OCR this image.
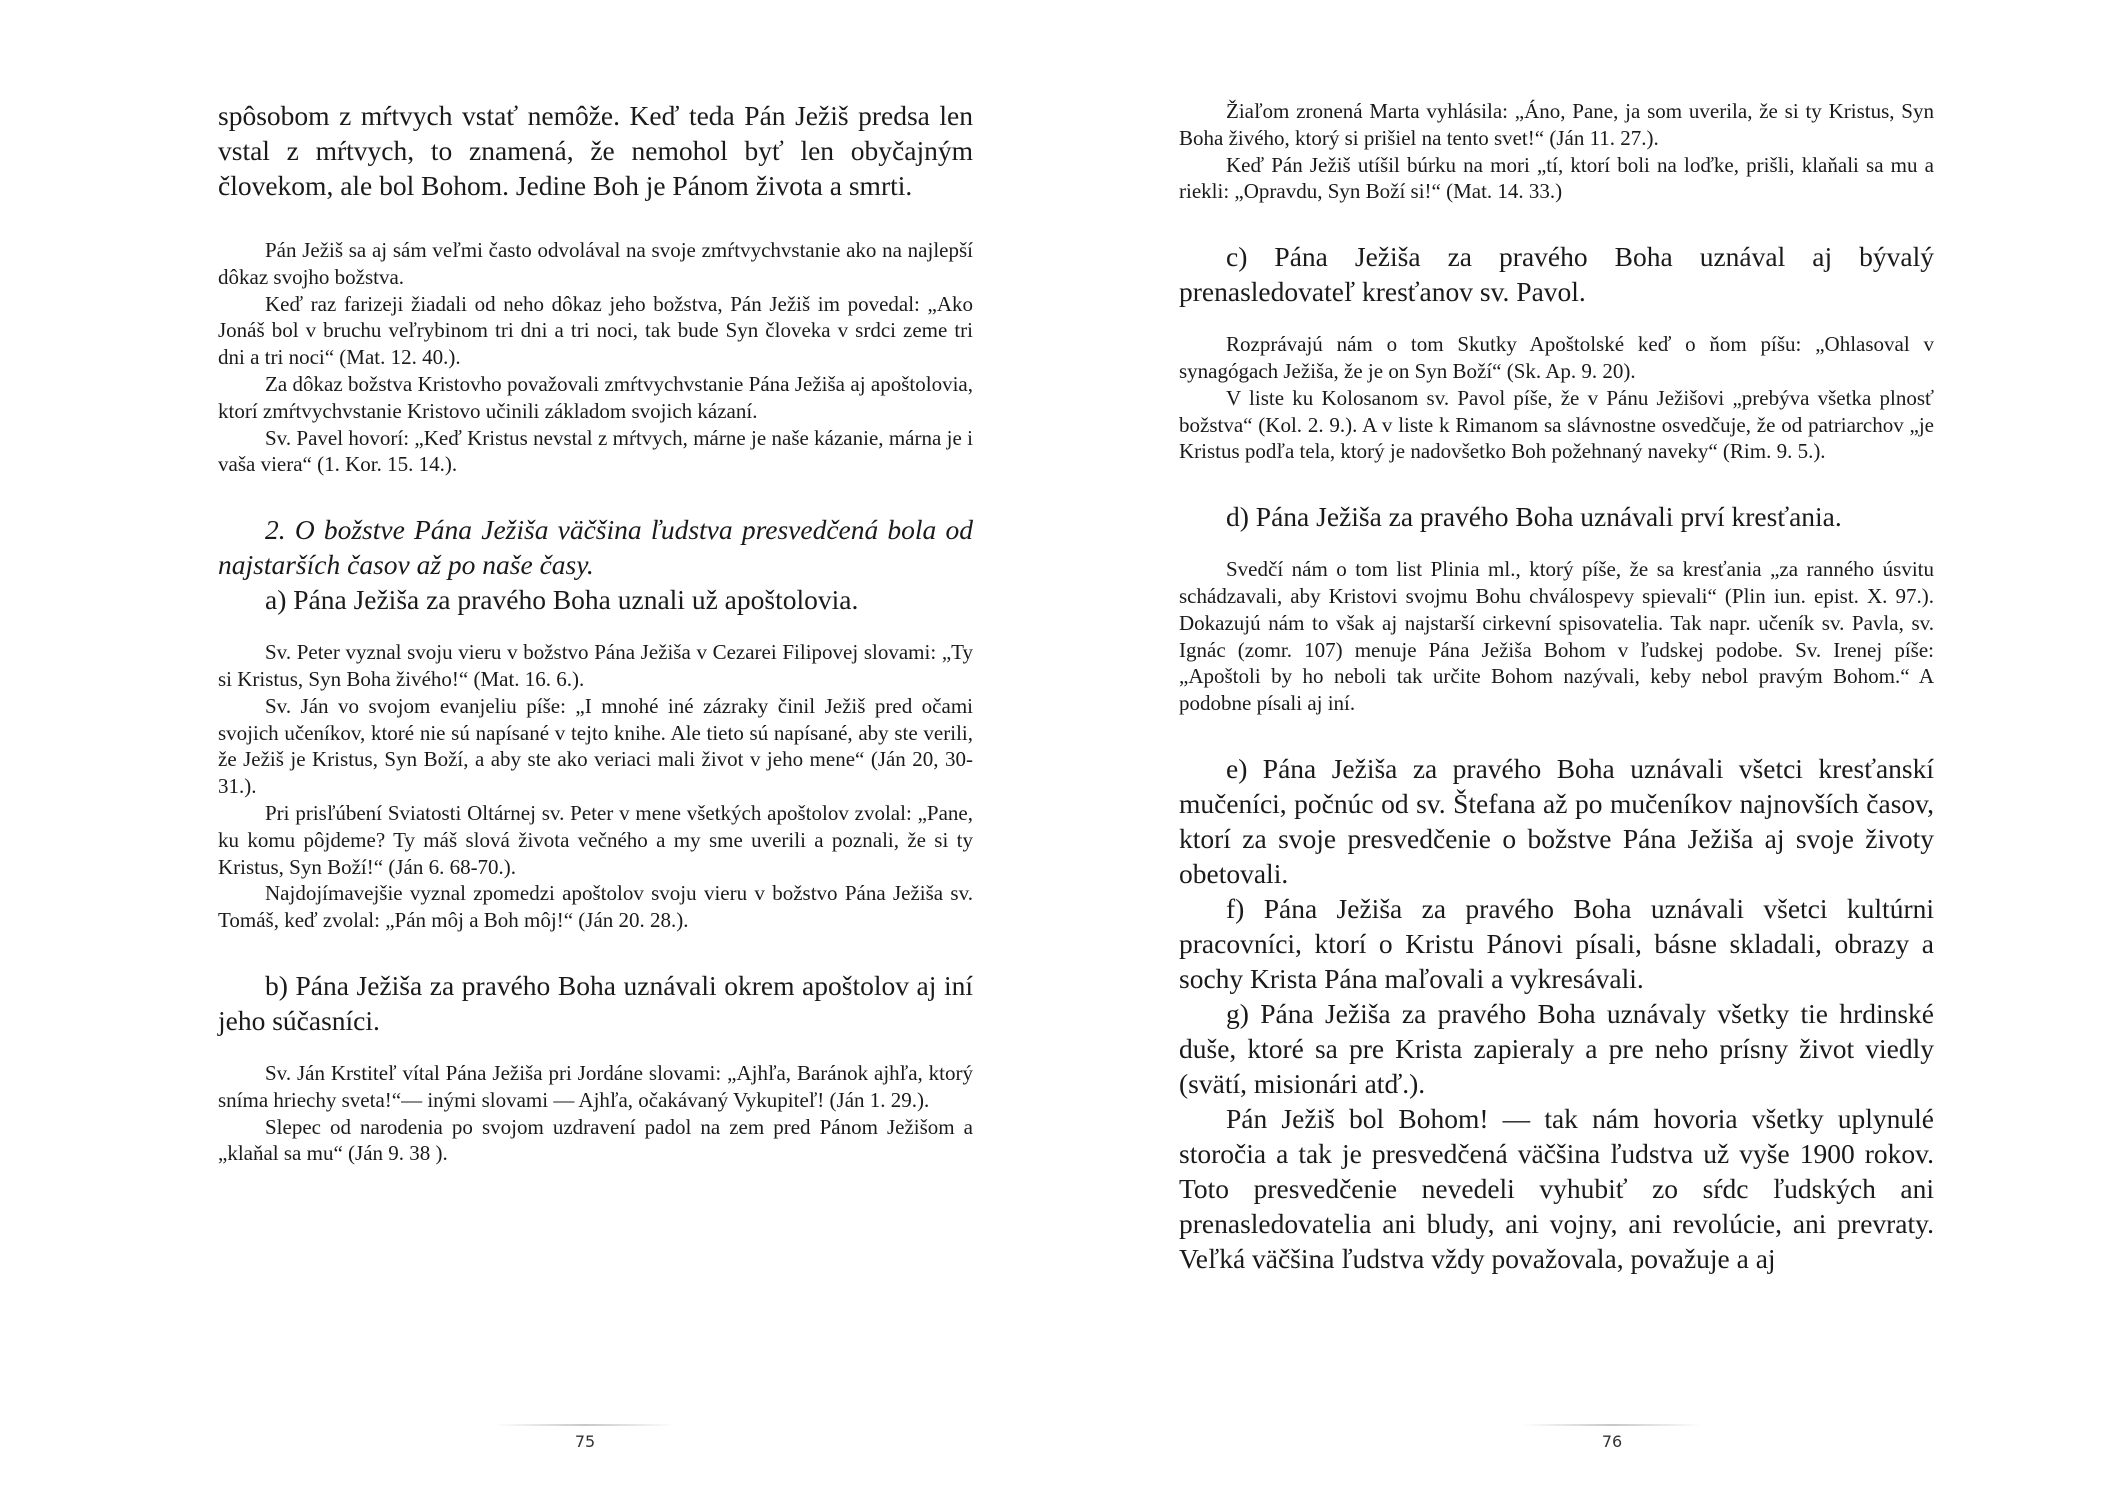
spôsobom z mŕtvych vstať nemôže. Keď teda Pán Ježiš predsa len vstal z mŕtvych, to znamená, že nemohol byť len obyčajným človekom, ale bol Bohom. Jedine Boh je Pánom života a smrti.

Pán Ježiš sa aj sám veľmi často odvolával na svoje zmŕtvychvstanie ako na najlepší dôkaz svojho božstva.

Keď raz farizeji žiadali od neho dôkaz jeho božstva, Pán Ježiš im povedal: „Ako Jonáš bol v bruchu veľrybinom tri dni a tri noci, tak bude Syn človeka v srdci zeme tri dni a tri noci“ (Mat. 12. 40.).

Za dôkaz božstva Kristovho považovali zmŕtvychvstanie Pána Ježiša aj apoštolovia, ktorí zmŕtvychvstanie Kristovo učinili základom svojich kázaní.

Sv. Pavel hovorí: „Keď Kristus nevstal z mŕtvych, márne je naše kázanie, márna je i vaša viera“ (1. Kor. 15. 14.).

2. O božstve Pána Ježiša väčšina ľudstva presvedčená bola od najstarších časov až po naše časy.

a) Pána Ježiša za pravého Boha uznali už apoštolovia.

Sv. Peter vyznal svoju vieru v božstvo Pána Ježiša v Cezarei Filipovej slovami: „Ty si Kristus, Syn Boha živého!“ (Mat. 16. 6.).

Sv. Ján vo svojom evanjeliu píše: „I mnohé iné zázraky činil Ježiš pred očami svojich učeníkov, ktoré nie sú napísané v tejto knihe. Ale tieto sú napísané, aby ste verili, že Ježiš je Kristus, Syn Boží, a aby ste ako veriaci mali život v jeho mene“ (Ján 20, 30-31.).

Pri prisľúbení Sviatosti Oltárnej sv. Peter v mene všetkých apoštolov zvolal: „Pane, ku komu pôjdeme? Ty máš slová života večného a my sme uverili a poznali, že si ty Kristus, Syn Boží!“ (Ján 6. 68-70.).

Najdojímavejšie vyznal zpomedzi apoštolov svoju vieru v božstvo Pána Ježiša sv. Tomáš, keď zvolal: „Pán môj a Boh môj!“ (Ján 20. 28.).

b) Pána Ježiša za pravého Boha uznávali okrem apoštolov aj iní jeho súčasníci.

Sv. Ján Krstiteľ vítal Pána Ježiša pri Jordáne slovami: „Ajhľa, Baránok ajhľa, ktorý sníma hriechy sveta!“— inými slovami — Ajhľa, očakávaný Vykupiteľ! (Ján 1. 29.).

Slepec od narodenia po svojom uzdravení padol na zem pred Pánom Ježišom a „klaňal sa mu“ (Ján 9. 38 ).

75

Žiaľom zronená Marta vyhlásila: „Áno, Pane, ja som uverila, že si ty Kristus, Syn Boha živého, ktorý si prišiel na tento svet!“ (Ján 11. 27.).

Keď Pán Ježiš utíšil búrku na mori „tí, ktorí boli na loďke, prišli, klaňali sa mu a riekli: „Opravdu, Syn Boží si!“ (Mat. 14. 33.)

c) Pána Ježiša za pravého Boha uznával aj bývalý prenasledovateľ kresťanov sv. Pavol.

Rozprávajú nám o tom Skutky Apoštolské keď o ňom píšu: „Ohlasoval v synagógach Ježiša, že je on Syn Boží“ (Sk. Ap. 9. 20).

V liste ku Kolosanom sv. Pavol píše, že v Pánu Ježišovi „prebýva všetka plnosť božstva“ (Kol. 2. 9.). A v liste k Rimanom sa slávnostne osvedčuje, že od patriarchov „je Kristus podľa tela, ktorý je nadovšetko Boh požehnaný naveky“ (Rim. 9. 5.).

d) Pána Ježiša za pravého Boha uznávali prví kresťania.

Svedčí nám o tom list Plinia ml., ktorý píše, že sa kresťania „za ranného úsvitu schádzavali, aby Kristovi svojmu Bohu chválospevy spievali“ (Plin iun. epist. X. 97.). Dokazujú nám to však aj najstarší cirkevní spisovatelia. Tak napr. učeník sv. Pavla, sv. Ignác (zomr. 107) menuje Pána Ježiša Bohom v ľudskej podobe. Sv. Irenej píše: „Apoštoli by ho neboli tak určite Bohom nazývali, keby nebol pravým Bohom.“ A podobne písali aj iní.

e) Pána Ježiša za pravého Boha uznávali všetci kresťanskí mučeníci, počnúc od sv. Štefana až po mučeníkov najnovších časov, ktorí za svoje presvedčenie o božstve Pána Ježiša aj svoje životy obetovali.

f) Pána Ježiša za pravého Boha uznávali všetci kultúrni pracovníci, ktorí o Kristu Pánovi písali, básne skladali, obrazy a sochy Krista Pána maľovali a vykresávali.

g) Pána Ježiša za pravého Boha uznávaly všetky tie hrdinské duše, ktoré sa pre Krista zapieraly a pre neho prísny život viedly (svätí, misionári atď.).

Pán Ježiš bol Bohom! — tak nám hovoria všetky uplynulé storočia a tak je presvedčená väčšina ľudstva už vyše 1900 rokov. Toto presvedčenie nevedeli vyhubiť zo sŕdc ľudských ani prenasledovatelia ani bludy, ani vojny, ani revolúcie, ani prevraty. Veľká väčšina ľudstva vždy považovala, považuje a aj

76
